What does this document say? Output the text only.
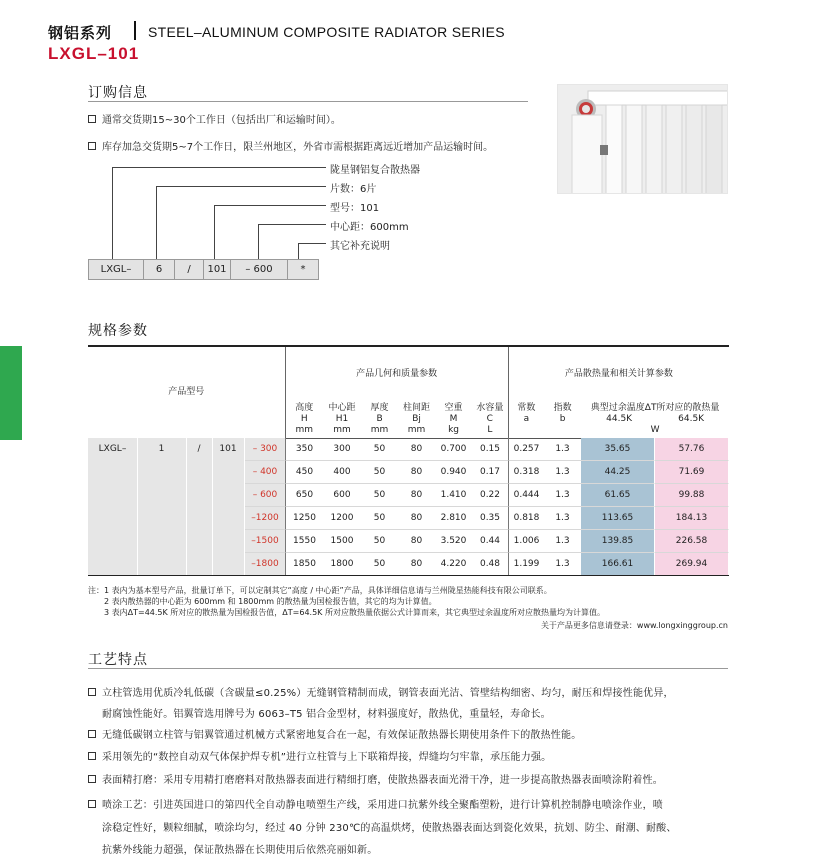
钢铝系列	STEEL–ALUMINUM COMPOSITE RADIATOR SERIES
LXGL–101
订购信息
通常交货期15~30个工作日（包括出厂和运输时间）。
库存加急交货期5~7个工作日，限兰州地区，外省市需根据距离远近增加产品运输时间。
陇星钢铝复合散热器
片数：6片
型号：101
中心距：600mm
其它补充说明
LXGL–	6	/	101	– 600	*
规格参数
产品型号	产品几何和质量参数						产品散热量和相关计算参数		
	高度
H
mm	中心距
H1
mm	厚度
B
mm	柱间距
Bj
mm	空重
M
kg	水容量
C
L	常数
a	指数
b	典型过余温度ΔT所对应的散热量
44.5K 64.5K
W
LXGL–	1	/	101	– 300	350	300	50	80	0.700	0.15	0.257	1.3	35.65	57.76
– 400	450	400	50	80	0.940	0.17	0.318	1.3	44.25	71.69
– 600	650	600	50	80	1.410	0.22	0.444	1.3	61.65	99.88
–1200	1250	1200	50	80	2.810	0.35	0.818	1.3	113.65	184.13
–1500	1550	1500	50	80	3.520	0.44	1.006	1.3	139.85	226.58
–1800	1850	1800	50	80	4.220	0.48	1.199	1.3	166.61	269.94
注：1 表内为基本型号产品，批量订单下，可以定制其它“高度 / 中心距”产品，具体详细信息请与兰州陇星热能科技有限公司联系。
2 表内散热器的中心距为 600mm 和 1800mm 的散热量为国检报告值，其它的均为计算值。
3 表内ΔT=44.5K 所对应的散热量为国检报告值，ΔT=64.5K 所对应散热量依据公式计算而来，其它典型过余温度所对应散热量均为计算值。
关于产品更多信息请登录：www.longxinggroup.cn
工艺特点
立柱管选用优质冷轧低碳（含碳量≤0.25%）无缝钢管精制而成，钢管表面光洁、管壁结构细密、均匀，耐压和焊接性能优异，
耐腐蚀性能好。铝翼管选用牌号为 6063–T5 铝合金型材，材料强度好，散热优，重量轻，寿命长。
无缝低碳钢立柱管与铝翼管通过机械方式紧密地复合在一起，有效保证散热器长期使用条件下的散热性能。
采用领先的“数控自动双气体保护焊专机”进行立柱管与上下联箱焊接，焊缝均匀牢靠，承压能力强。
表面精打磨：采用专用精打磨磨料对散热器表面进行精细打磨，使散热器表面光滑干净，进一步提高散热器表面喷涂附着性。
喷涂工艺：引进英国进口的第四代全自动静电喷塑生产线，采用进口抗紫外线全聚酯塑粉，进行计算机控制静电喷涂作业，喷
涂稳定性好，颗粒细腻，喷涂均匀，经过 40 分钟 230℃的高温烘烤，使散热器表面达到瓷化效果，抗划、防尘、耐潮、耐酸、
抗紫外线能力超强，保证散热器在长期使用后依然亮丽如新。
